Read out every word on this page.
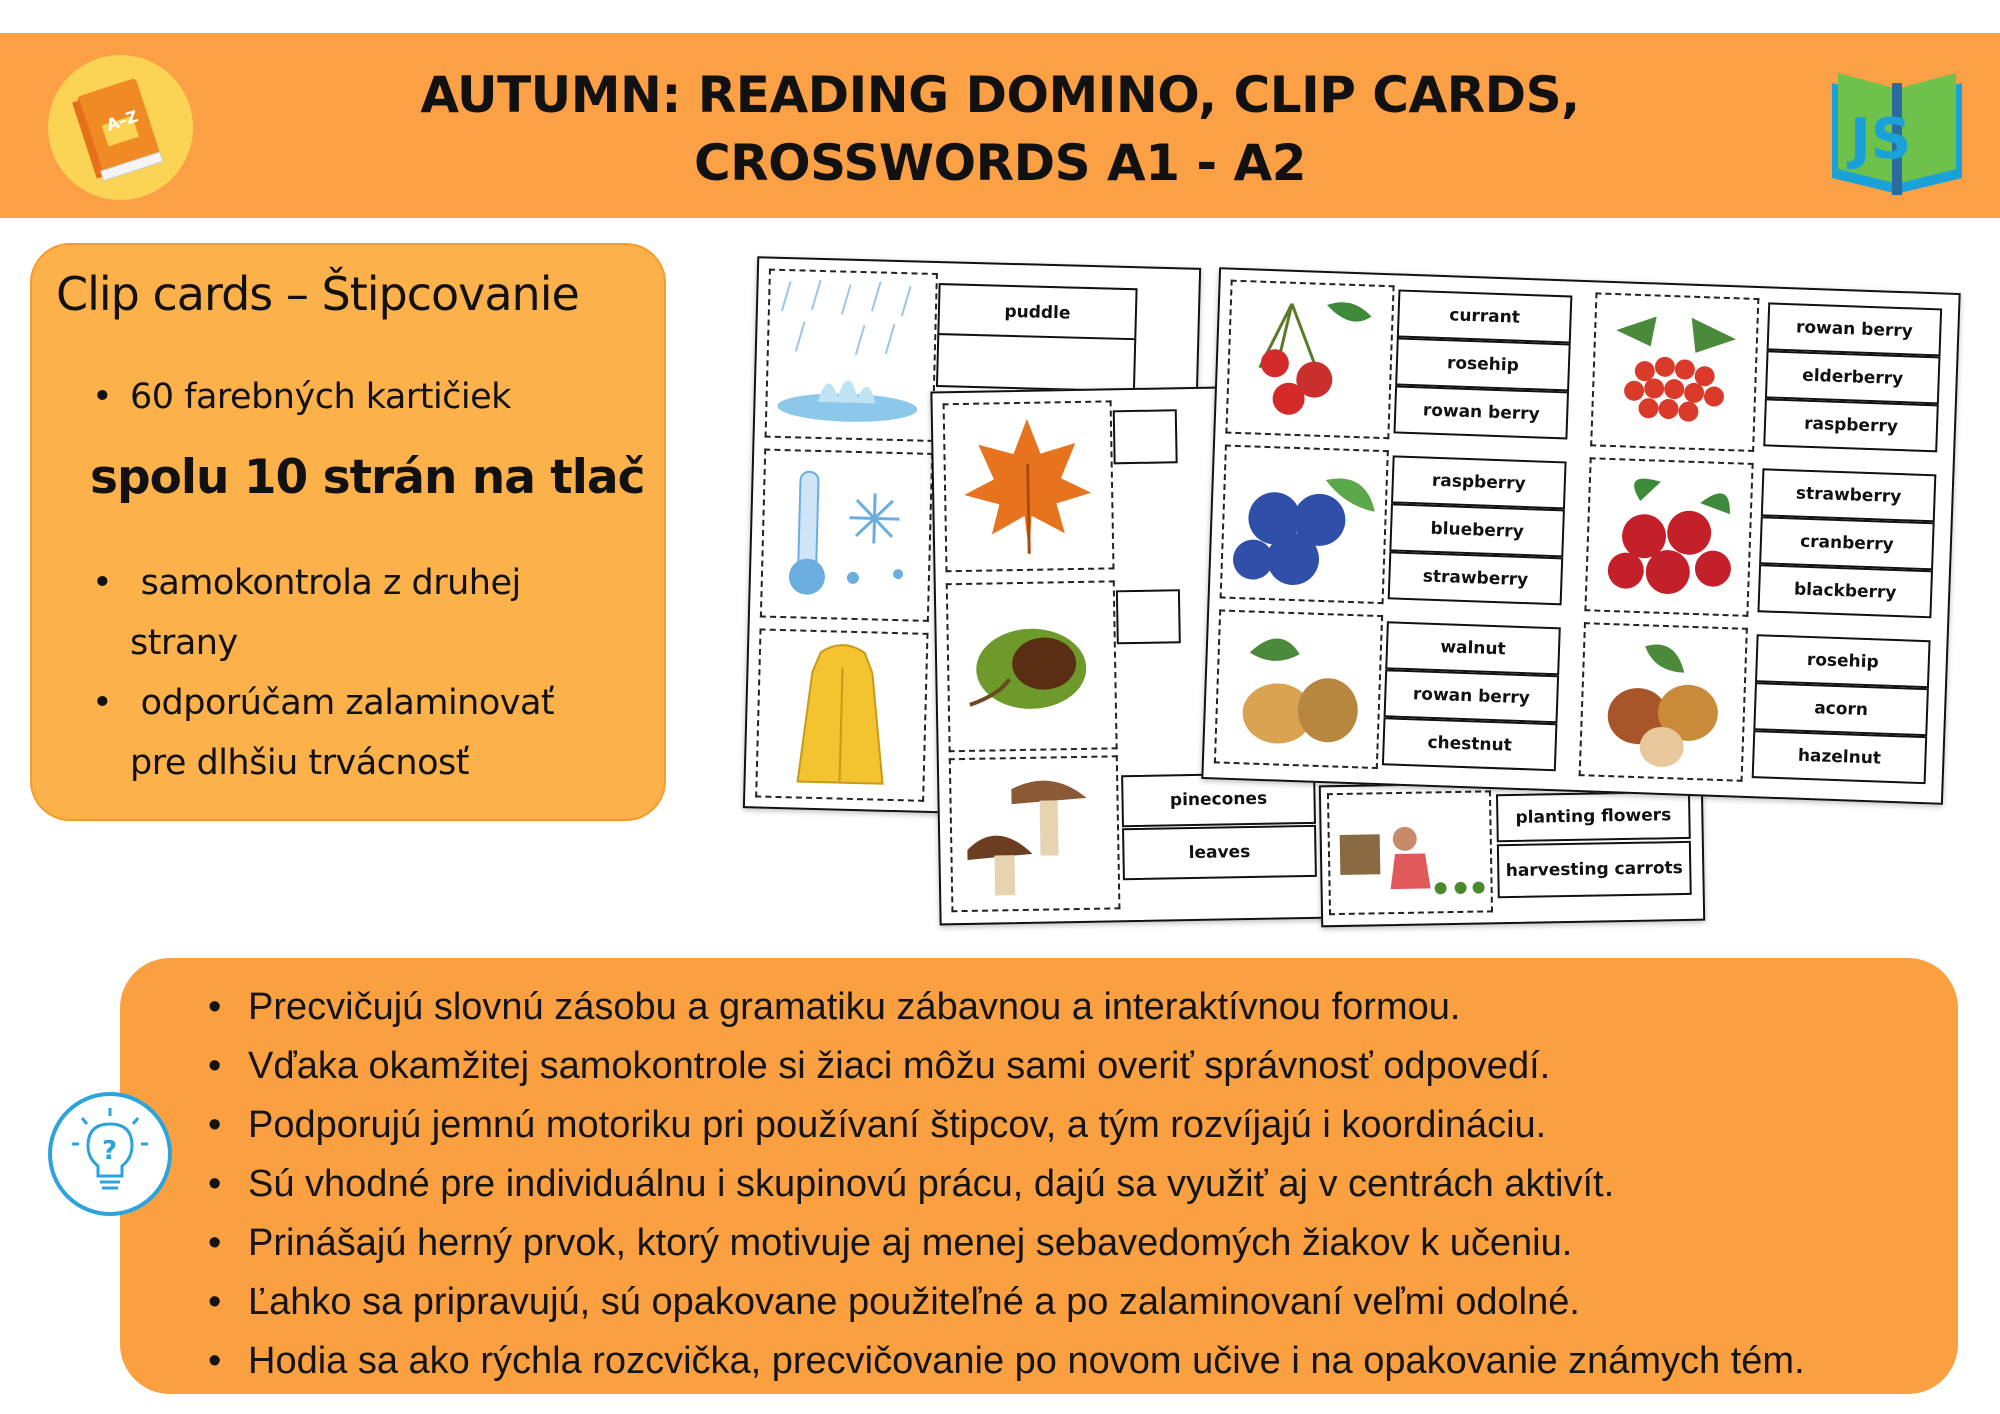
A–Z	AUTUMN: READING DOMINO, CLIP CARDS,
CROSSWORDS A1 - A2	JS
Clip cards – Štipcovanie
• 60 farebných kartičiek
spolu 10 strán na tlač
• samokontrola z druhej
strany
• odporúčam zalaminovať
pre dlhšiu trvácnosť
puddle
pinecones
leaves
planting flowers
harvesting carrots
currant
rosehip
rowan berry
rowan berry
elderberry
raspberry
raspberry
blueberry
strawberry
strawberry
cranberry
blackberry
walnut
rowan berry
chestnut
rosehip
acorn
hazelnut
• Precvičujú slovnú zásobu a gramatiku zábavnou a interaktívnou formou.
• Vďaka okamžitej samokontrole si žiaci môžu sami overiť správnosť odpovedí.
• Podporujú jemnú motoriku pri používaní štipcov, a tým rozvíjajú i koordináciu.
• Sú vhodné pre individuálnu i skupinovú prácu, dajú sa využiť aj v centrách aktivít.
• Prinášajú herný prvok, ktorý motivuje aj menej sebavedomých žiakov k učeniu.
• Ľahko sa pripravujú, sú opakovane použiteľné a po zalaminovaní veľmi odolné.
• Hodia sa ako rýchla rozcvička, precvičovanie po novom učive i na opakovanie známych tém.
?
